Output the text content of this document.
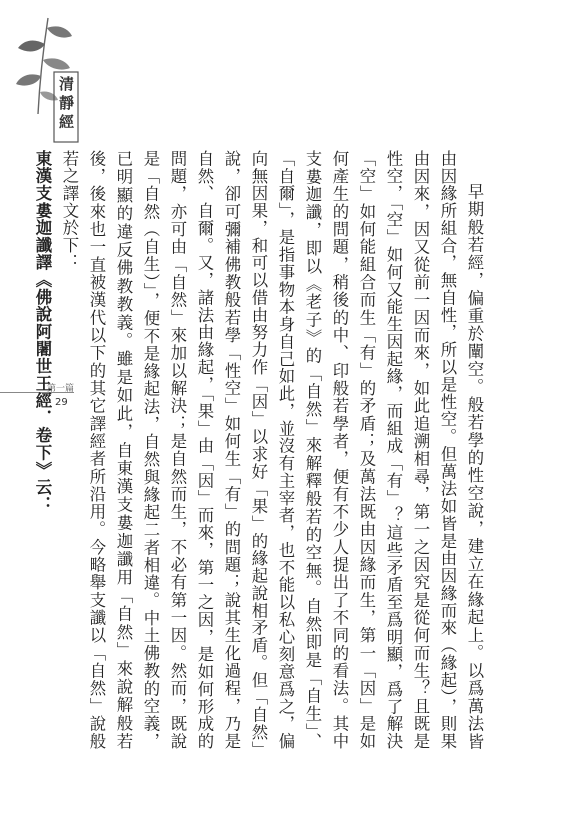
清靜經
第一篇
29	早期般若經，偏重於闡空。般若學的性空說，建立在緣起上。以爲萬法皆由因緣所組合，無自性，所以是性空。但萬法如皆是由因緣而來（緣起），則果由因來，因又從前一因而來，如此追溯相尋，第一之因究是從何而生？且既是性空，「空」如何又能生因起緣，而組成「有」？這些矛盾至爲明顯，爲了解決「空」如何能組合而生「有」的矛盾；及萬法既由因緣而生，第一「因」是如何產生的問題，稍後的中、印般若學者，便有不少人提出了不同的看法。其中支婁迦讖，即以《老子》的「自然」來解釋般若的空無。自然即是「自生」、「自爾」，是指事物本身自己如此，並沒有主宰者，也不能以私心刻意爲之，偏向無因果，和可以借由努力作「因」以求好「果」的緣起說相矛盾。但「自然」說，卻可彌補佛教般若學「性空」如何生「有」的問題；說其生化過程，乃是自然、自爾。又，諸法由緣起，「果」由「因」而來，第一之因，是如何形成的問題，亦可由「自然」來加以解決；是自然而生，不必有第一因。然而，既說是「自然（自生）」，便不是緣起法，自然與緣起二者相違。中土佛教的空義，已明顯的違反佛教教義。雖是如此，自東漢支婁迦讖用「自然」來說解般若後，後來也一直被漢代以下的其它譯經者所沿用。今略舉支讖以「自然」說般若之譯文於下：

東漢支婁迦讖譯《佛說阿闍世王經．卷下》云：
